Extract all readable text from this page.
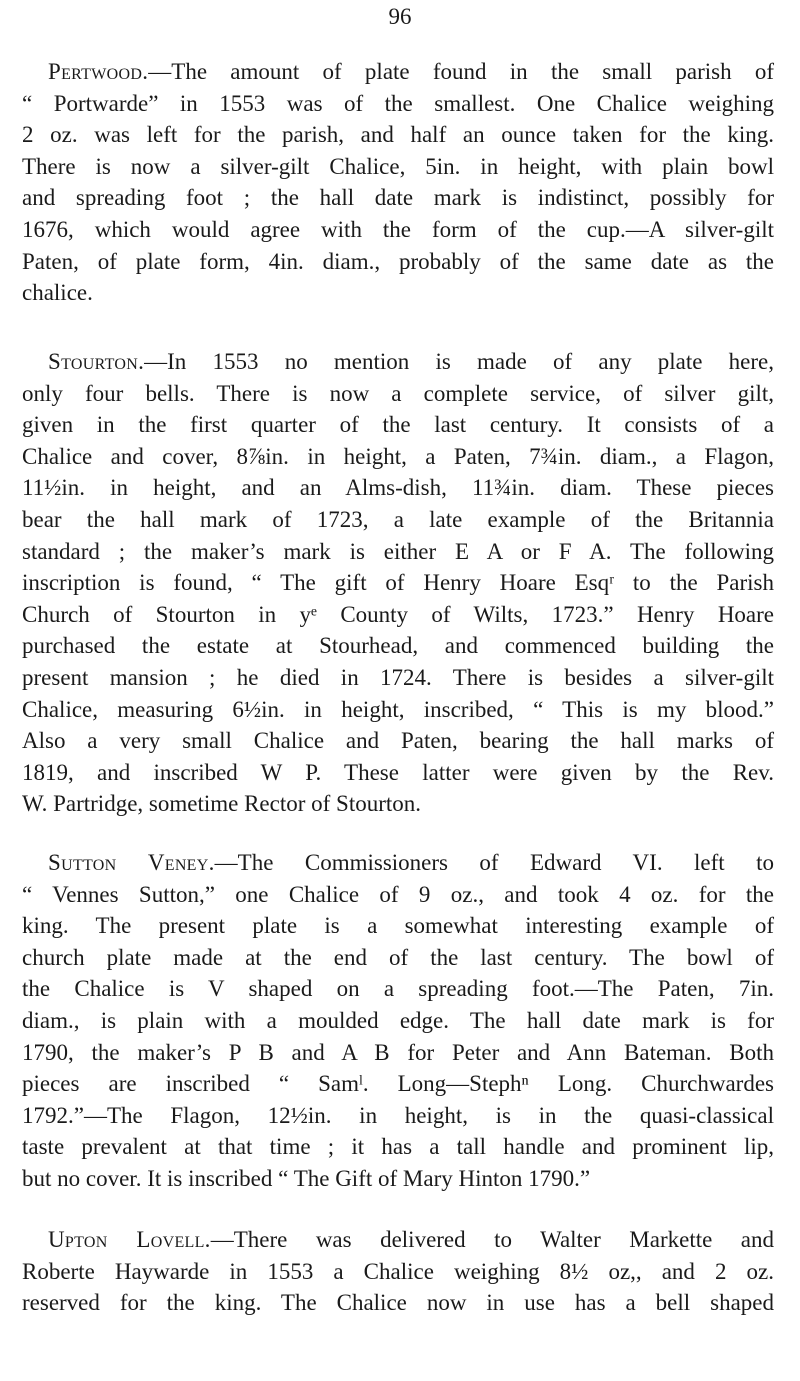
96
Pertwood.—The amount of plate found in the small parish of
“ Portwarde” in 1553 was of the smallest. One Chalice weighing
2 oz. was left for the parish, and half an ounce taken for the king.
There is now a silver-gilt Chalice, 5in. in height, with plain bowl
and spreading foot ; the hall date mark is indistinct, possibly for
1676, which would agree with the form of the cup.—A silver-gilt
Paten, of plate form, 4in. diam., probably of the same date as the
chalice.
Stourton.—In 1553 no mention is made of any plate here,
only four bells. There is now a complete service, of silver gilt,
given in the first quarter of the last century. It consists of a
Chalice and cover, 8⅞in. in height, a Paten, 7¾in. diam., a Flagon,
11½in. in height, and an Alms-dish, 11¾in. diam. These pieces
bear the hall mark of 1723, a late example of the Britannia
standard ; the maker’s mark is either E A or F A. The following
inscription is found, “ The gift of Henry Hoare Esqʳ to the Parish
Church of Stourton in yᵉ County of Wilts, 1723.” Henry Hoare
purchased the estate at Stourhead, and commenced building the
present mansion ; he died in 1724. There is besides a silver-gilt
Chalice, measuring 6½in. in height, inscribed, “ This is my blood.”
Also a very small Chalice and Paten, bearing the hall marks of
1819, and inscribed W P. These latter were given by the Rev.
W. Partridge, sometime Rector of Stourton.
Sutton Veney.—The Commissioners of Edward VI. left to
“ Vennes Sutton,” one Chalice of 9 oz., and took 4 oz. for the
king. The present plate is a somewhat interesting example of
church plate made at the end of the last century. The bowl of
the Chalice is V shaped on a spreading foot.—The Paten, 7in.
diam., is plain with a moulded edge. The hall date mark is for
1790, the maker’s P B and A B for Peter and Ann Bateman. Both
pieces are inscribed “ Samˡ. Long—Stephⁿ Long. Churchwardes
1792.”—The Flagon, 12½in. in height, is in the quasi-classical
taste prevalent at that time ; it has a tall handle and prominent lip,
but no cover. It is inscribed “ The Gift of Mary Hinton 1790.”
Upton Lovell.—There was delivered to Walter Markette and
Roberte Haywarde in 1553 a Chalice weighing 8½ oz,, and 2 oz.
reserved for the king. The Chalice now in use has a bell shaped
